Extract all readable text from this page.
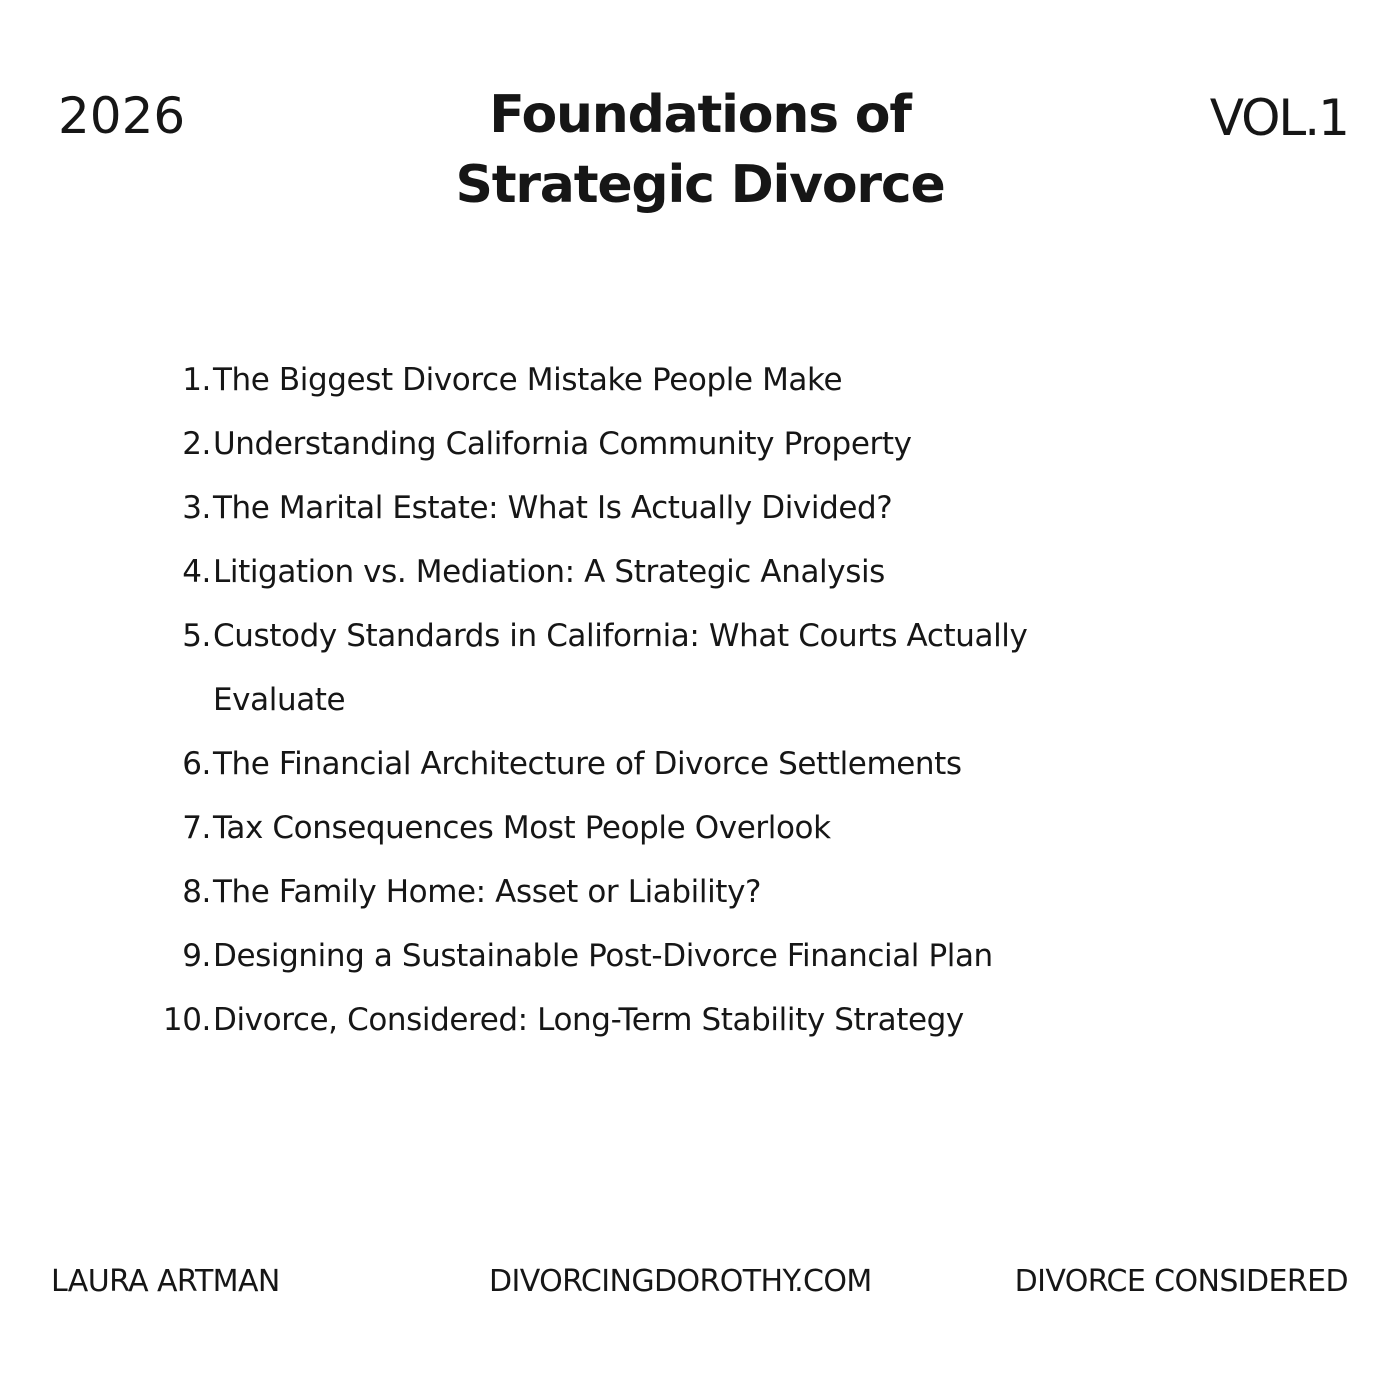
2026	Foundations of
Strategic Divorce
VOL.1
1. The Biggest Divorce Mistake People Make
2. Understanding California Community Property
3. The Marital Estate: What Is Actually Divided?
4. Litigation vs. Mediation: A Strategic Analysis
5. Custody Standards in California: What Courts Actually Evaluate
6. The Financial Architecture of Divorce Settlements
7. Tax Consequences Most People Overlook
8. The Family Home: Asset or Liability?
9. Designing a Sustainable Post-Divorce Financial Plan
10. Divorce, Considered: Long-Term Stability Strategy
LAURA ARTMAN	DIVORCINGDOROTHY.COM	DIVORCE CONSIDERED
